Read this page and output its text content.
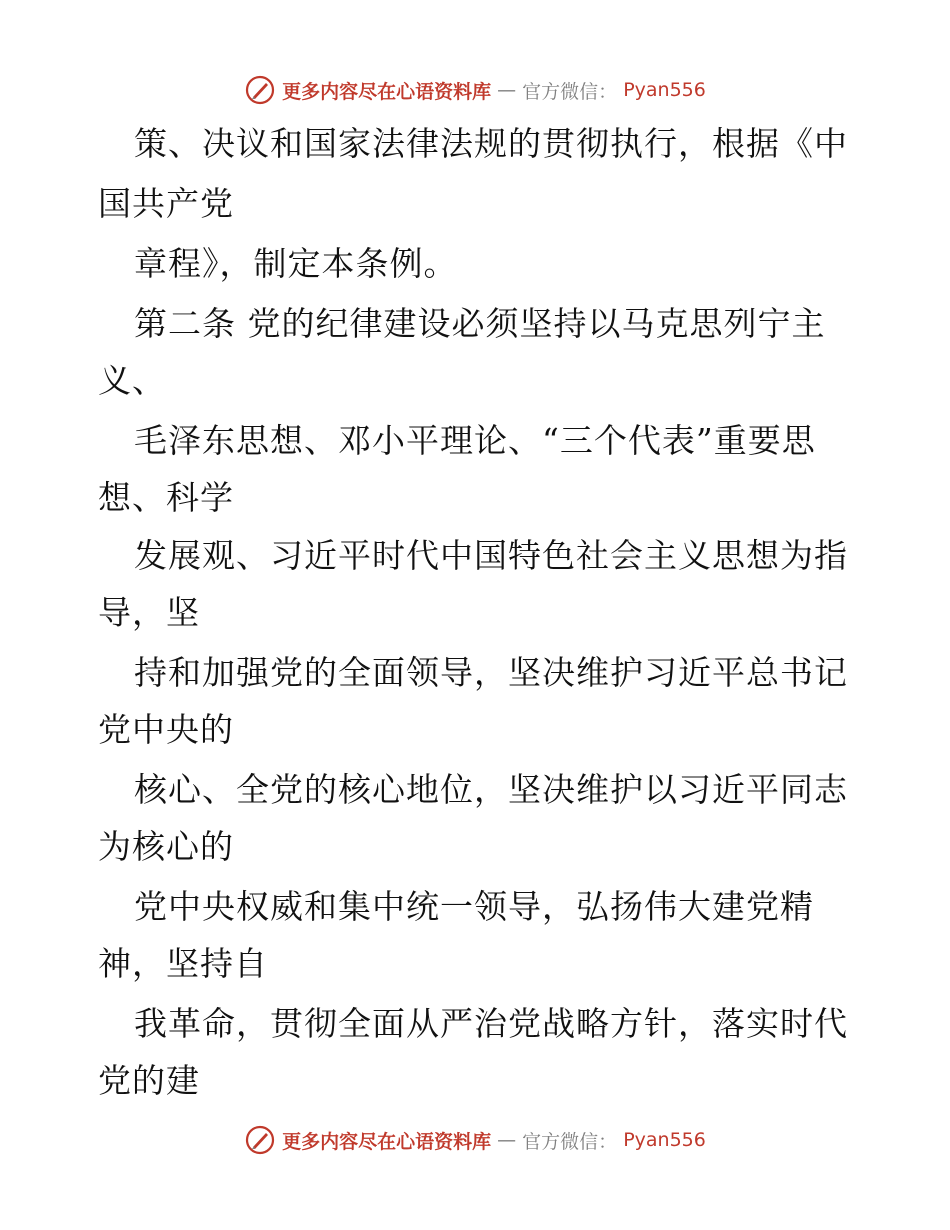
更多内容尽在心语资料库 — 官方微信： Pyan556
策、决议和国家法律法规的贯彻执行，根据《中
国共产党
章程》，制定本条例。
第二条 党的纪律建设必须坚持以马克思列宁主
义、
毛泽东思想、邓小平理论、“三个代表”重要思
想、科学
发展观、习近平时代中国特色社会主义思想为指
导，坚
持和加强党的全面领导，坚决维护习近平总书记
党中央的
核心、全党的核心地位，坚决维护以习近平同志
为核心的
党中央权威和集中统一领导，弘扬伟大建党精
神，坚持自
我革命，贯彻全面从严治党战略方针，落实时代
党的建
更多内容尽在心语资料库 — 官方微信： Pyan556
